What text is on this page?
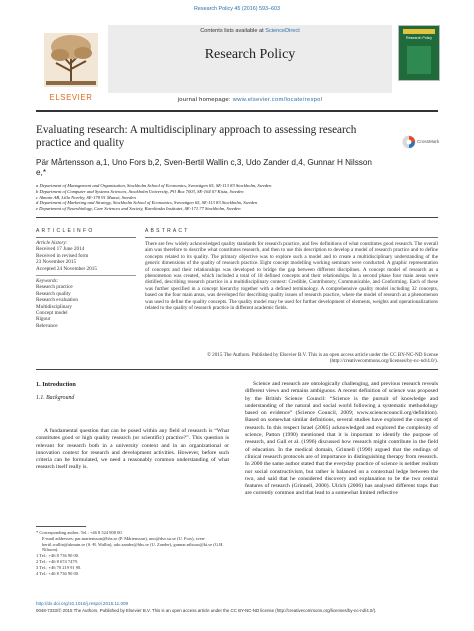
Research Policy 45 (2016) 593–603
ELSEVIER
Contents lists available at ScienceDirect
Research Policy
Research Policy
journal homepage: www.elsevier.com/locate/respol
Evaluating research: A multidisciplinary approach to assessing research practice and quality	CrossMark
Pär Mårtensson a,1, Uno Fors b,2, Sven-Bertil Wallin c,3, Udo Zander d,4, Gunnar H Nilsson e,*
a Department of Management and Organization, Stockholm School of Economics, Sveavägen 65, SE-113 83 Stockholm, Sweden
b Department of Computer and Systems Sciences, Stockholm University, PO Box 7003, SE-164 07 Kista, Sweden
c Almain AB, Lilla Norrby, SE-178 91 Munsö, Sweden
d Department of Marketing and Strategy, Stockholm School of Economics, Sveavägen 65, SE-113 83 Stockholm, Sweden
e Department of Neurobiology, Care Sciences and Society, Karolinska Institutet, SE-171 77 Stockholm, Sweden
A R T I C L E I N F O
Article history:
Received 17 June 2014
Received in revised form
23 November 2015
Accepted 24 November 2015
Keywords:
Research practice
Research quality
Research evaluation
Multidisciplinary
Concept model
Rigour
Relevance
A B S T R A C T
There are few widely acknowledged quality standards for research practice, and few definitions of what constitutes good research. The overall aim was therefore to describe what constitutes research, and then to use this description to develop a model of research practice and to define concepts related to its quality. The primary objective was to explore such a model and to create a multidisciplinary understanding of the generic dimensions of the quality of research practice. Eight concept modelling working seminars were conducted. A graphic representation of concepts and their relationships was developed to bridge the gap between different disciplines. A concept model of research as a phenomenon was created, which included a total of 18 defined concepts and their relationships. In a second phase four main areas were distilled, describing research practice in a multidisciplinary context: Credible, Contributory, Communicable, and Conforming. Each of these was further specified in a concept hierarchy together with a defined terminology. A comprehensive quality model including 32 concepts, based on the four main areas, was developed for describing quality issues of research practice, where the model of research as a phenomenon was used to define the quality concepts. The quality model may be used for further development of elements, weights and operationalizations related to the quality of research practice in different academic fields.
© 2015 The Authors. Published by Elsevier B.V. This is an open access article under the CC BY-NC-ND license (http://creativecommons.org/licenses/by-nc-nd/4.0/).
1. Introduction
1.1. Background
A fundamental question that can be posed within any field of research is “What constitutes good or high quality research (or scientific) practice?”. This question is relevant for research both in a university context and in an organizational or innovation context for research and development activities. However, before such criteria can be formulated, we need a reasonably common understanding of what research itself really is.
* Corresponding author. Tel.: +46 8 524 800 00.
E-mail addresses: par.martensson@hhs.se (P. Mårtensson), uno@dsv.su.se (U. Fors), sven-bertil.wallin@almain.se (S.-B. Wallin), udo.zander@hhs.se (U. Zander), gunnar.nilsson@ki.se (G.H. Nilsson).
1 Tel.: +46 8 736 90 00.
2 Tel.: +46 8 674 7479.
3 Tel.: +46 70 219 91 90.
4 Tel.: +46 8 736 90 00.
Science and research are ontologically challenging, and previous research reveals different views and remains ambiguous. A recent definition of science was proposed by the British Science Council: “Science is the pursuit of knowledge and understanding of the natural and social world following a systematic methodology based on evidence” (Science Council, 2009; www.sciencecouncil.org/definition). Based on somewhat similar definitions, several studies have explored the concept of research. In this respect Israel (2005) acknowledged and explored the complexity of science, Patton (1990) mentioned that it is important to identify the purpose of research, and Gall et al. (1996) discussed how research might contribute in the field of education. In the medical domain, Grinnell (1990) argued that the endings of clinical research protocols are of importance in distinguishing therapy from research. In 2000 the same author stated that the everyday practice of science is neither realism nor social constructivism, but rather is balanced on a contextual ledge between the two, and said that he considered discovery and explanation to be the two central features of research (Grinnell, 2000). Ulrich (2006) has analysed different traps that are currently common and that lead to a somewhat limited reflective
http://dx.doi.org/10.1016/j.respol.2015.11.009
0048-7333/© 2015 The Authors. Published by Elsevier B.V. This is an open access article under the CC BY-NC-ND license (http://creativecommons.org/licenses/by-nc-nd/4.0/).
